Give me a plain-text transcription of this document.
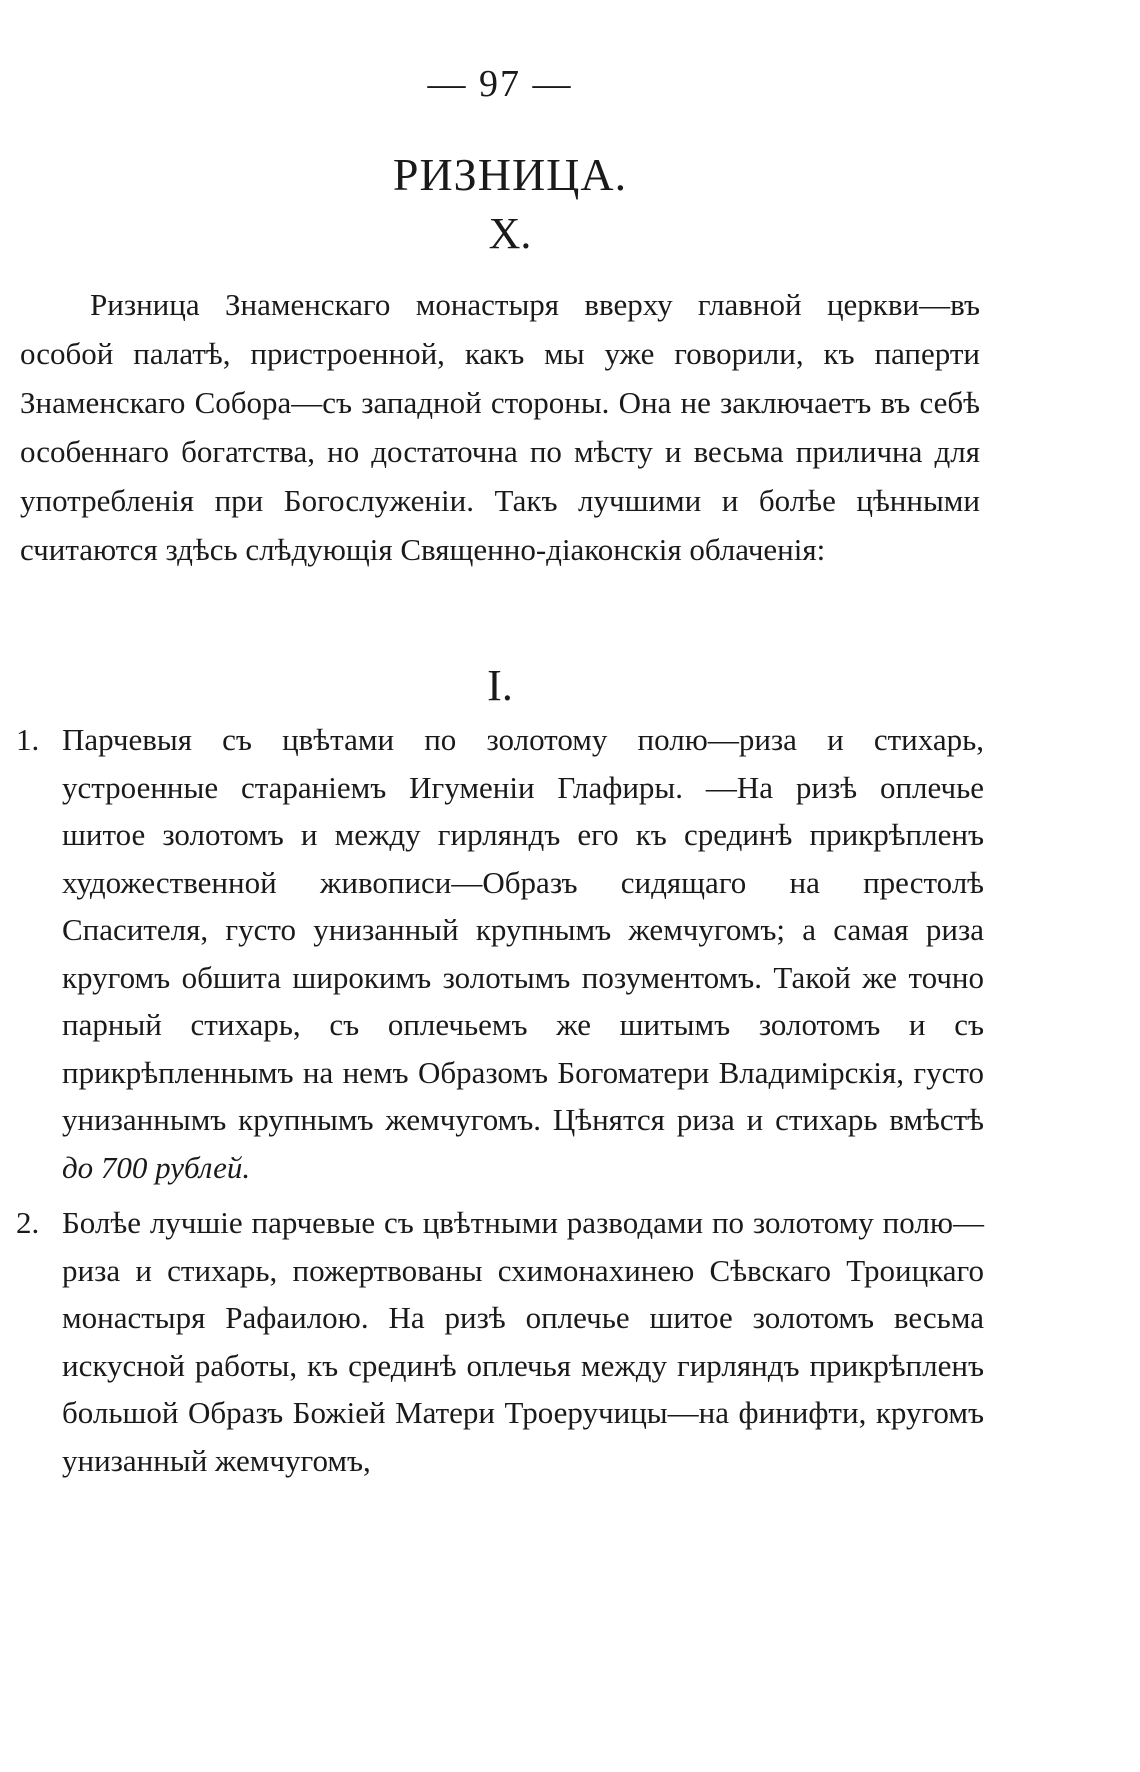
— 97 —
РИЗНИЦА.
X.
Ризница Знаменскаго монастыря вверху главной церкви—въ особой палатѣ, пристроенной, какъ мы уже говорили, къ паперти Знаменскаго Собора—съ западной стороны. Она не заключаетъ въ себѣ особеннаго богатства, но достаточна по мѣсту и весьма прилична для употребленія при Богослуженіи. Такъ лучшими и болѣе цѣнными считаются здѣсь слѣдующія Священно-діаконскія облаченія:
I.
1. Парчевыя съ цвѣтами по золотому полю—риза и стихарь, устроенные стараніемъ Игуменіи Глафиры. —На ризѣ оплечье шитое золотомъ и между гирляндъ его къ срединѣ прикрѣпленъ художественной живописи—Образъ сидящаго на престолѣ Спасителя, густо унизанный крупнымъ жемчугомъ; а самая риза кругомъ обшита широкимъ золотымъ позументомъ. Такой же точно парный стихарь, съ оплечьемъ же шитымъ золотомъ и съ прикрѣпленнымъ на немъ Образомъ Богоматери Владимірскія, густо унизаннымъ крупнымъ жемчугомъ. Цѣнятся риза и стихарь вмѣстѣ до 700 рублей.
2. Болѣе лучшіе парчевые съ цвѣтными разводами по золотому полю—риза и стихарь, пожертвованы схимонахинею Сѣвскаго Троицкаго монастыря Рафаилою. На ризѣ оплечье шитое золотомъ весьма искусной работы, къ срединѣ оплечья между гирляндъ прикрѣпленъ большой Образъ Божіей Матери Троеручицы—на финифти, кругомъ унизанный жемчугомъ,
